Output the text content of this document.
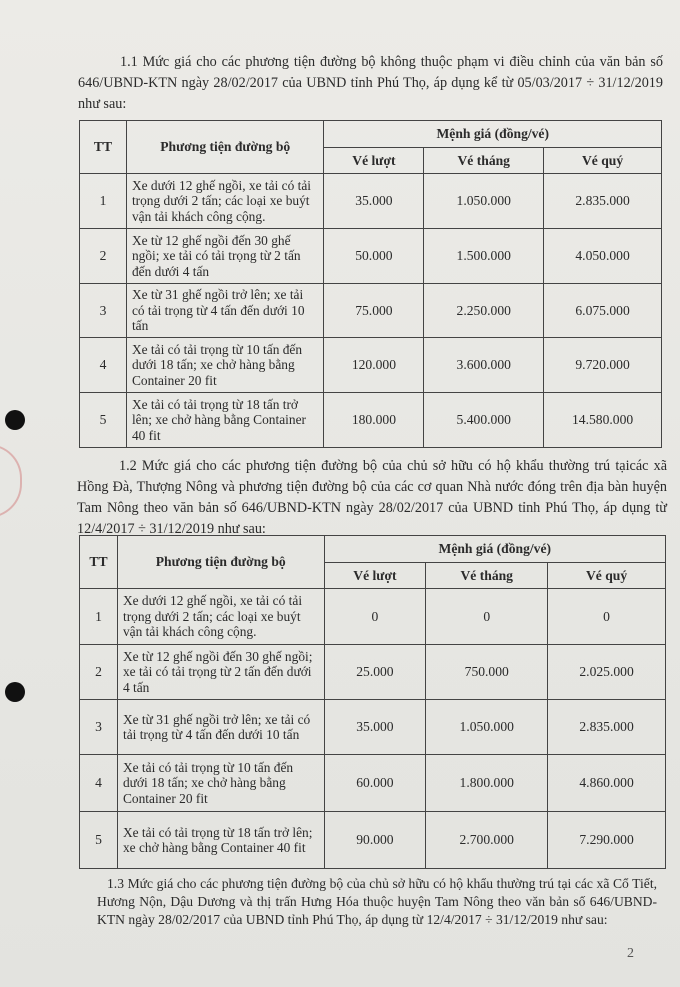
1.1 Mức giá cho các phương tiện đường bộ không thuộc phạm vi điều chỉnh của văn bản số 646/UBND-KTN ngày 28/02/2017 của UBND tỉnh Phú Thọ, áp dụng kể từ 05/03/2017 ÷ 31/12/2019 như sau:

TT	Phương tiện đường bộ	Mệnh giá (đồng/vé)		
		Vé lượt	Vé tháng	Vé quý
1	Xe dưới 12 ghế ngồi, xe tải có tải trọng dưới 2 tấn; các loại xe buýt vận tải khách công cộng.	35.000	1.050.000	2.835.000
2	Xe từ 12 ghế ngồi đến 30 ghế ngồi; xe tải có tải trọng từ 2 tấn đến dưới 4 tấn	50.000	1.500.000	4.050.000
3	Xe từ 31 ghế ngồi trở lên; xe tải có tải trọng từ 4 tấn đến dưới 10 tấn	75.000	2.250.000	6.075.000
4	Xe tải có tải trọng từ 10 tấn đến dưới 18 tấn; xe chở hàng bằng Container 20 fit	120.000	3.600.000	9.720.000
5	Xe tải có tải trọng từ 18 tấn trở lên; xe chở hàng bằng Container 40 fit	180.000	5.400.000	14.580.000

1.2 Mức giá cho các phương tiện đường bộ của chủ sở hữu có hộ khẩu thường trú tạicác xã Hồng Đà, Thượng Nông và phương tiện đường bộ của các cơ quan Nhà nước đóng trên địa bàn huyện Tam Nông theo văn bản số 646/UBND-KTN ngày 28/02/2017 của UBND tỉnh Phú Thọ, áp dụng từ 12/4/2017 ÷ 31/12/2019 như sau:

TT	Phương tiện đường bộ	Mệnh giá (đồng/vé)		
		Vé lượt	Vé tháng	Vé quý
1	Xe dưới 12 ghế ngồi, xe tải có tải trọng dưới 2 tấn; các loại xe buýt vận tải khách công cộng.	0	0	0
2	Xe từ 12 ghế ngồi đến 30 ghế ngồi; xe tải có tải trọng từ 2 tấn đến dưới 4 tấn	25.000	750.000	2.025.000
3	Xe từ 31 ghế ngồi trở lên; xe tải có tải trọng từ 4 tấn đến dưới 10 tấn	35.000	1.050.000	2.835.000
4	Xe tải có tải trọng từ 10 tấn đến dưới 18 tấn; xe chở hàng bằng Container 20 fit	60.000	1.800.000	4.860.000
5	Xe tải có tải trọng từ 18 tấn trở lên; xe chở hàng bằng Container 40 fit	90.000	2.700.000	7.290.000

1.3 Mức giá cho các phương tiện đường bộ của chủ sở hữu có hộ khẩu thường trú tại các xã Cổ Tiết, Hương Nộn, Dậu Dương và thị trấn Hưng Hóa thuộc huyện Tam Nông theo văn bản số 646/UBND-KTN ngày 28/02/2017 của UBND tỉnh Phú Thọ, áp dụng từ 12/4/2017 ÷ 31/12/2019 như sau:

2
